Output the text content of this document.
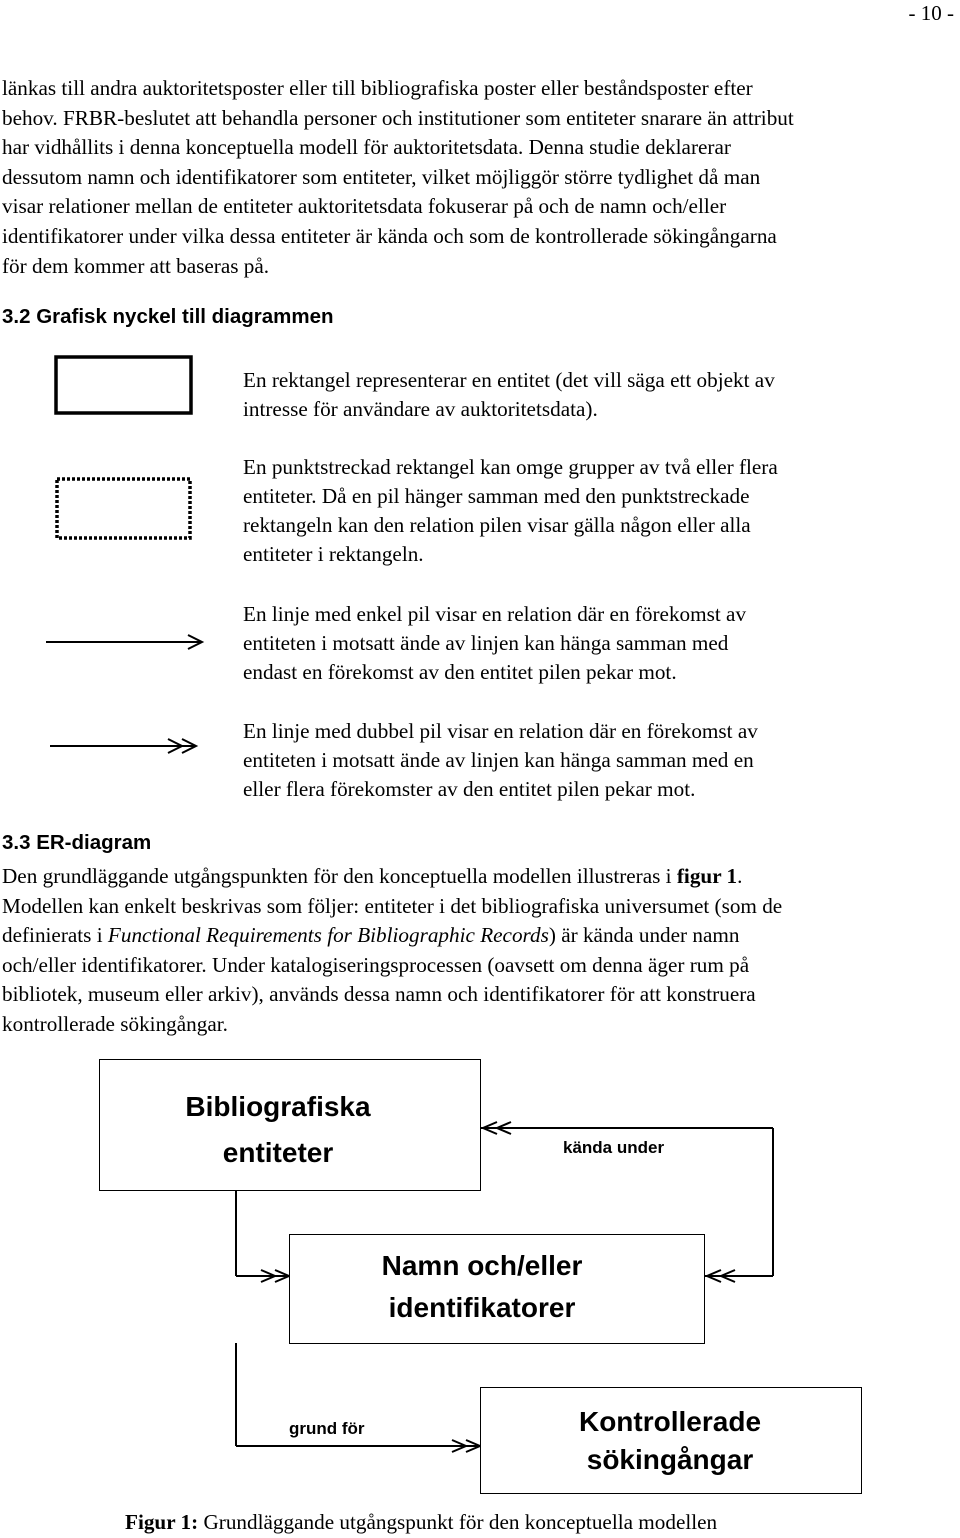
- 10 -
länkas till andra auktoritetsposter eller till bibliografiska poster eller beståndsposter efter
behov. FRBR-beslutet att behandla personer och institutioner som entiteter snarare än attribut
har vidhållits i denna konceptuella modell för auktoritetsdata. Denna studie deklarerar
dessutom namn och identifikatorer som entiteter, vilket möjliggör större tydlighet då man
visar relationer mellan de entiteter auktoritetsdata fokuserar på och de namn och/eller
identifikatorer under vilka dessa entiteter är kända och som de kontrollerade sökingångarna
för dem kommer att baseras på.
3.2 Grafisk nyckel till diagrammen
En rektangel representerar en entitet (det vill säga ett objekt av
intresse för användare av auktoritetsdata).
En punktstreckad rektangel kan omge grupper av två eller flera
entiteter. Då en pil hänger samman med den punktstreckade
rektangeln kan den relation pilen visar gälla någon eller alla
entiteter i rektangeln.
En linje med enkel pil visar en relation där en förekomst av
entiteten i motsatt ände av linjen kan hänga samman med
endast en förekomst av den entitet pilen pekar mot.
En linje med dubbel pil visar en relation där en förekomst av
entiteten i motsatt ände av linjen kan hänga samman med en
eller flera förekomster av den entitet pilen pekar mot.
3.3 ER-diagram
Den grundläggande utgångspunkten för den konceptuella modellen illustreras i figur 1.
Modellen kan enkelt beskrivas som följer: entiteter i det bibliografiska universumet (som de
definierats i Functional Requirements for Bibliographic Records) är kända under namn
och/eller identifikatorer. Under katalogiseringsprocessen (oavsett om denna äger rum på
bibliotek, museum eller arkiv), används dessa namn och identifikatorer för att konstruera
kontrollerade sökingångar.
Bibliografiska
entiteter
Namn och/eller
identifikatorer
Kontrollerade
sökingångar
kända under
grund för
Figur 1: Grundläggande utgångspunkt för den konceptuella modellen
